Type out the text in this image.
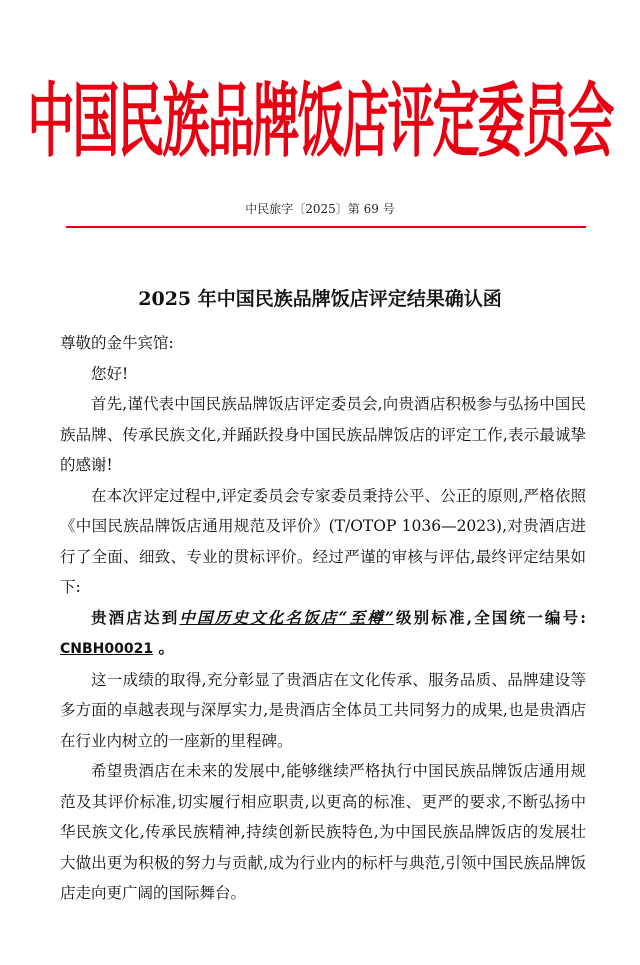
中国民族品牌饭店评定委员会
中民旅字〔2025〕第 69 号
2025 年中国民族品牌饭店评定结果确认函

尊敬的金牛宾馆:

您好!

首先,谨代表中国民族品牌饭店评定委员会,向贵酒店积极参与弘扬中国民族品牌、传承民族文化,并踊跃投身中国民族品牌饭店的评定工作,表示最诚挚的感谢!

在本次评定过程中,评定委员会专家委员秉持公平、公正的原则,严格依照《中国民族品牌饭店通用规范及评价》(T/OTOP 1036—2023),对贵酒店进行了全面、细致、专业的贯标评价。经过严谨的审核与评估,最终评定结果如下:

贵酒店达到中国历史文化名饭店“至樽”级别标准,全国统一编号: CNBH00021 。

这一成绩的取得,充分彰显了贵酒店在文化传承、服务品质、品牌建设等多方面的卓越表现与深厚实力,是贵酒店全体员工共同努力的成果,也是贵酒店在行业内树立的一座新的里程碑。

希望贵酒店在未来的发展中,能够继续严格执行中国民族品牌饭店通用规范及其评价标准,切实履行相应职责,以更高的标准、更严的要求,不断弘扬中华民族文化,传承民族精神,持续创新民族特色,为中国民族品牌饭店的发展壮大做出更为积极的努力与贡献,成为行业内的标杆与典范,引领中国民族品牌饭店走向更广阔的国际舞台。
